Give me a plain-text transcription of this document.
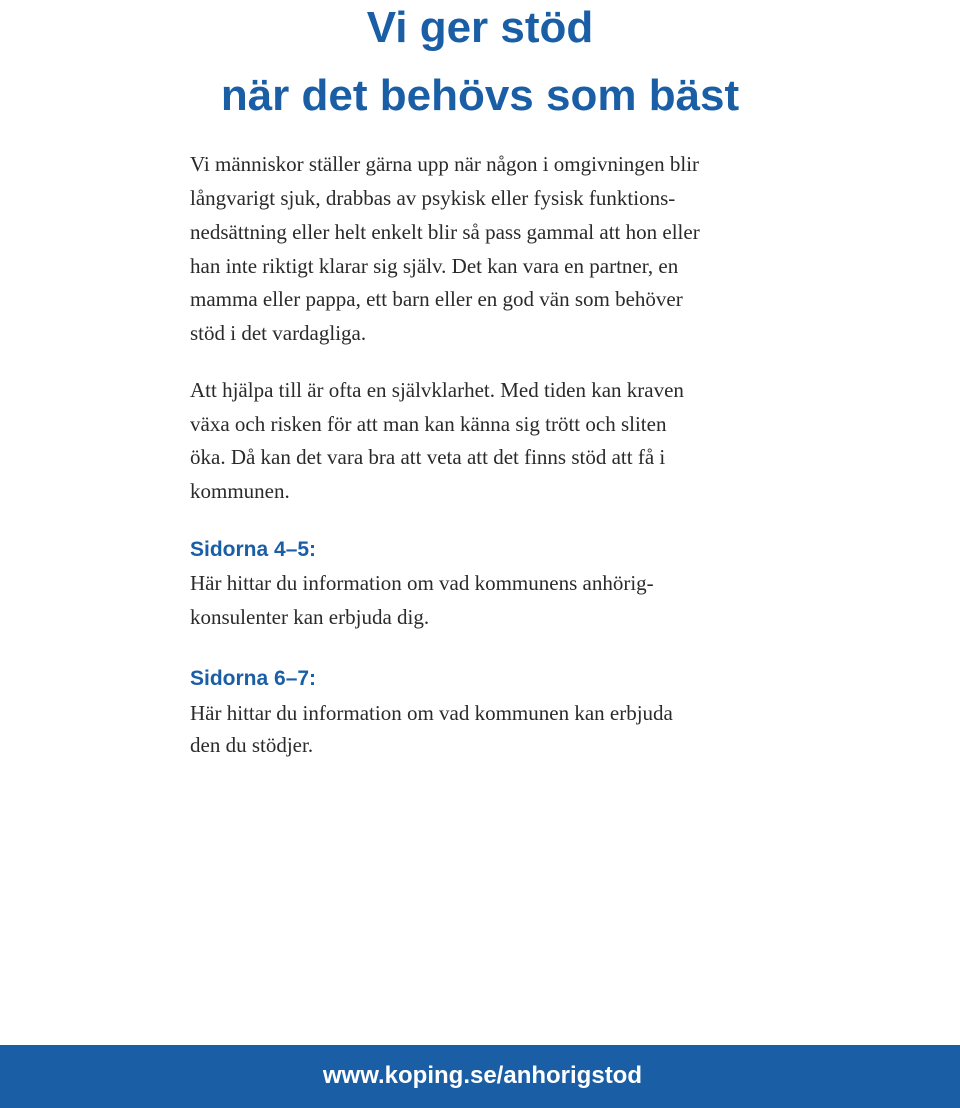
Vi ger stöd
när det behövs som bäst
Vi människor ställer gärna upp när någon i omgivningen blir
långvarigt sjuk, drabbas av psykisk eller fysisk funktions-
nedsättning eller helt enkelt blir så pass gammal att hon eller
han inte riktigt klarar sig själv. Det kan vara en partner, en
mamma eller pappa, ett barn eller en god vän som behöver
stöd i det vardagliga.
Att hjälpa till är ofta en självklarhet. Med tiden kan kraven
växa och risken för att man kan känna sig trött och sliten
öka. Då kan det vara bra att veta att det finns stöd att få i
kommunen.
Sidorna 4–5:
Här hittar du information om vad kommunens anhörig-
konsulenter kan erbjuda dig.
Sidorna 6–7:
Här hittar du information om vad kommunen kan erbjuda
den du stödjer.
www.koping.se/anhorigstod
